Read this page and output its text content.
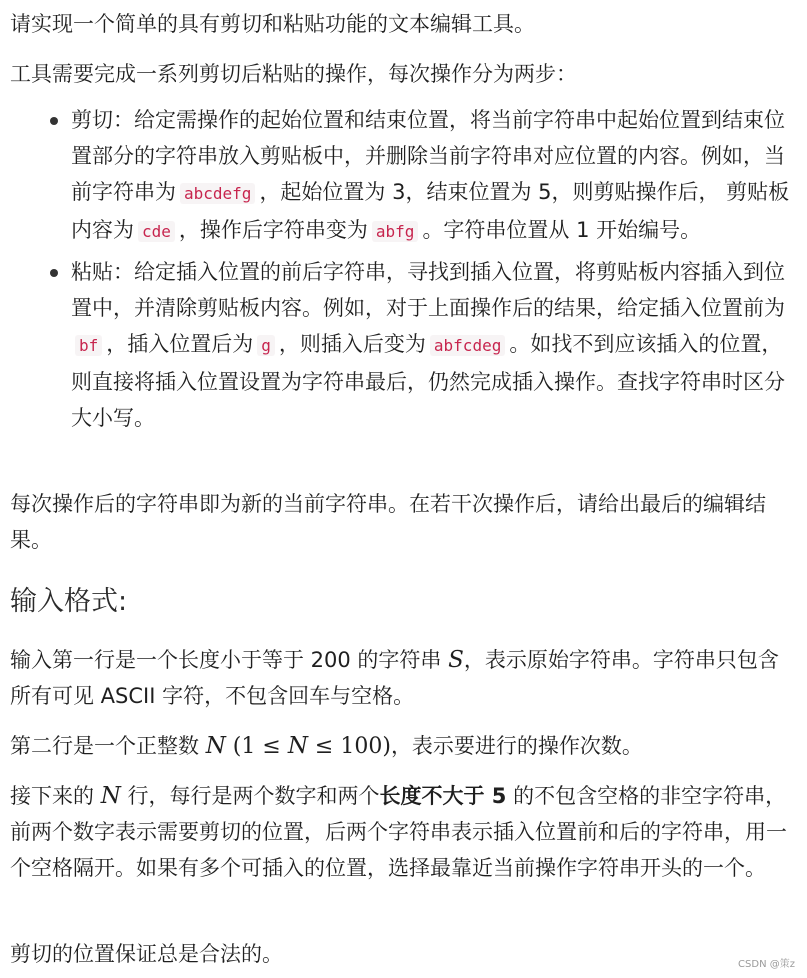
请实现一个简单的具有剪切和粘贴功能的文本编辑工具。

工具需要完成一系列剪切后粘贴的操作，每次操作分为两步：

剪切：给定需操作的起始位置和结束位置，将当前字符串中起始位置到结束位置部分的字符串放入剪贴板中，并删除当前字符串对应位置的内容。例如，当前字符串为 abcdefg ，起始位置为 3，结束位置为 5，则剪贴操作后， 剪贴板内容为 cde ，操作后字符串变为 abfg 。字符串位置从 1 开始编号。
粘贴：给定插入位置的前后字符串，寻找到插入位置，将剪贴板内容插入到位置中，并清除剪贴板内容。例如，对于上面操作后的结果，给定插入位置前为bf ，插入位置后为 g ，则插入后变为 abfcdeg 。如找不到应该插入的位置，则直接将插入位置设置为字符串最后，仍然完成插入操作。查找字符串时区分大小写。

每次操作后的字符串即为新的当前字符串。在若干次操作后，请给出最后的编辑结果。

输入格式:

输入第一行是一个长度小于等于 200 的字符串 S，表示原始字符串。字符串只包含所有可见 ASCII 字符，不包含回车与空格。

第二行是一个正整数 N (1 ≤ N ≤ 100)，表示要进行的操作次数。

接下来的 N 行，每行是两个数字和两个长度不大于 5 的不包含空格的非空字符串，前两个数字表示需要剪切的位置，后两个字符串表示插入位置前和后的字符串，用一个空格隔开。如果有多个可插入的位置，选择最靠近当前操作字符串开头的一个。

剪切的位置保证总是合法的。	CSDN @策z
